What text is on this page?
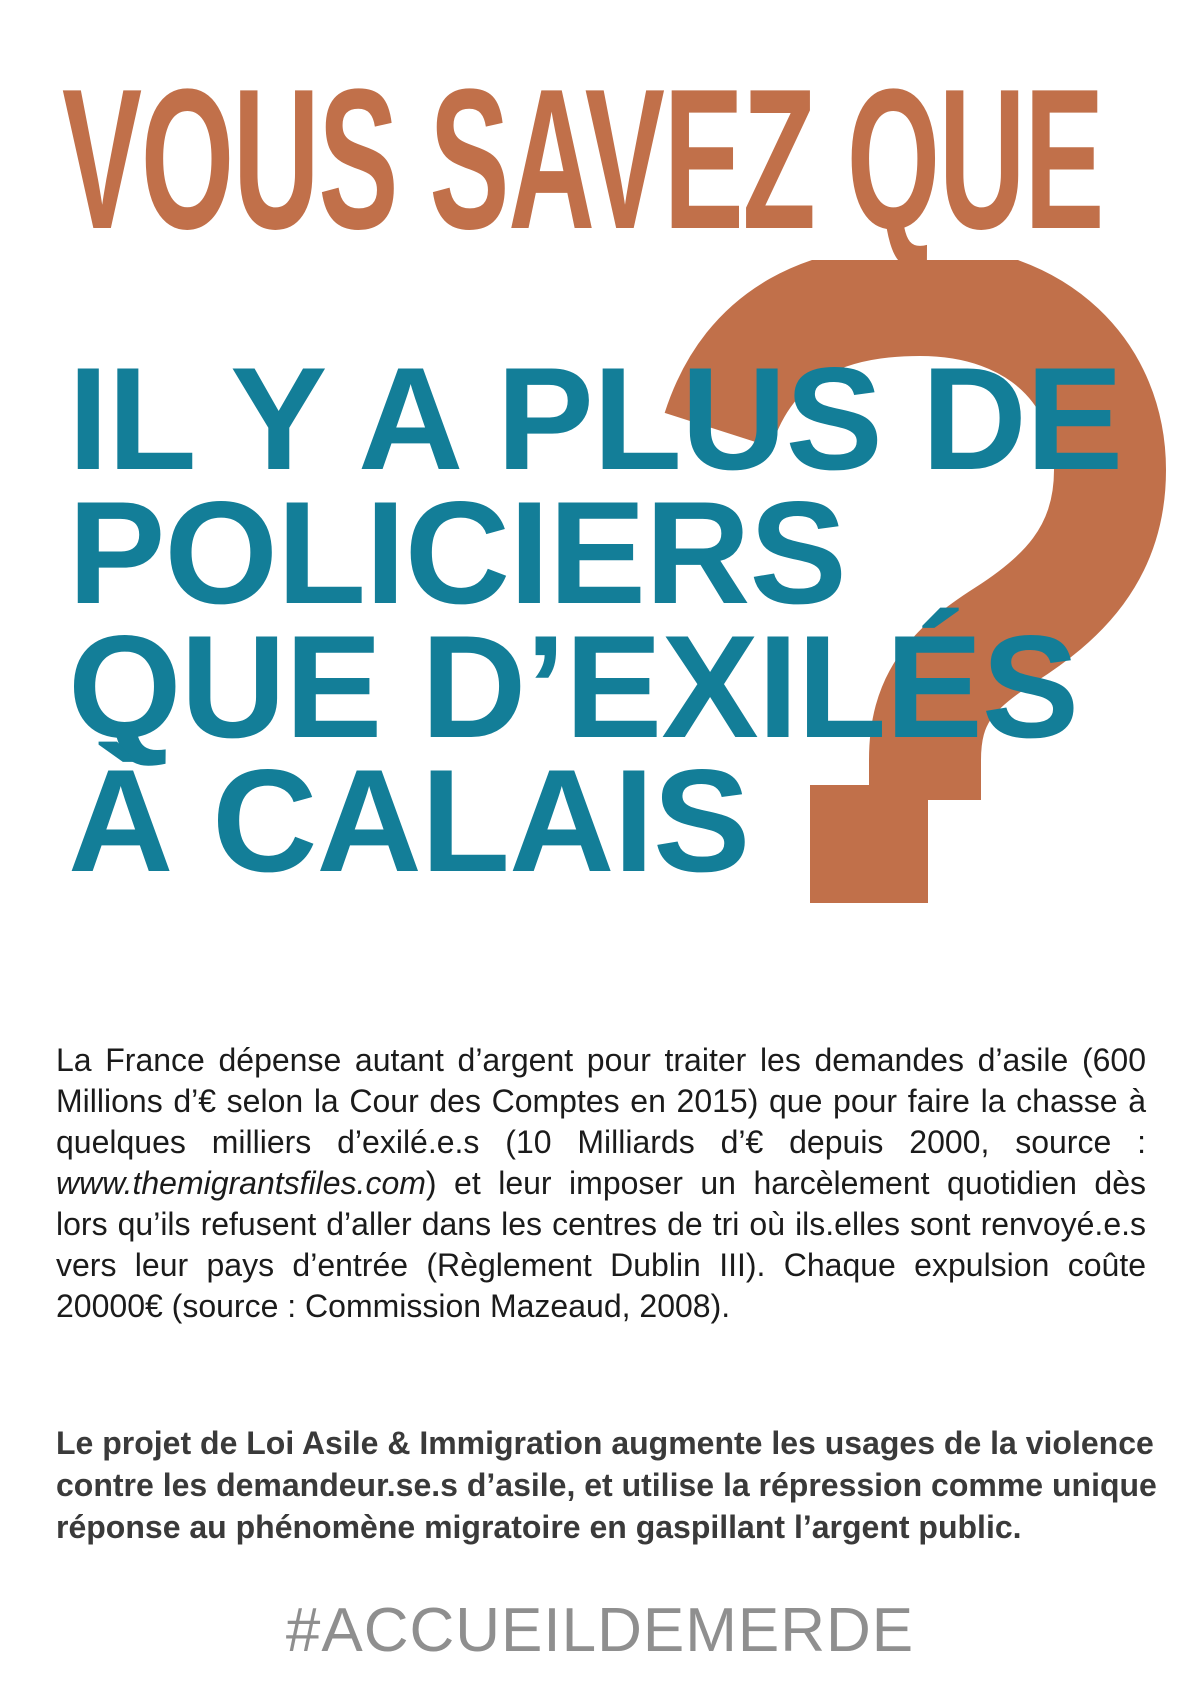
VOUS SAVEZ QUE
IL Y A PLUS DE
POLICIERS
QUE D’EXILÉS
À CALAIS

La France dépense autant d’argent pour traiter les demandes d’asile (600 Millions d’€ selon la Cour des Comptes en 2015) que pour faire la chasse à quelques milliers d’exilé.e.s (10 Milliards d’€ depuis 2000, source : www.themigrantsfiles.com) et leur imposer un harcèlement quotidien dès lors qu’ils refusent d’aller dans les centres de tri où ils.elles sont renvoyé.e.s vers leur pays d’entrée (Règlement Dublin III). Chaque expulsion coûte 20000€ (source : Commission Mazeaud, 2008).

Le projet de Loi Asile & Immigration augmente les usages de la violence contre les demandeur.se.s d’asile, et utilise la répression comme unique réponse au phénomène migratoire en gaspillant l’argent public.

#ACCUEILDEMERDE
